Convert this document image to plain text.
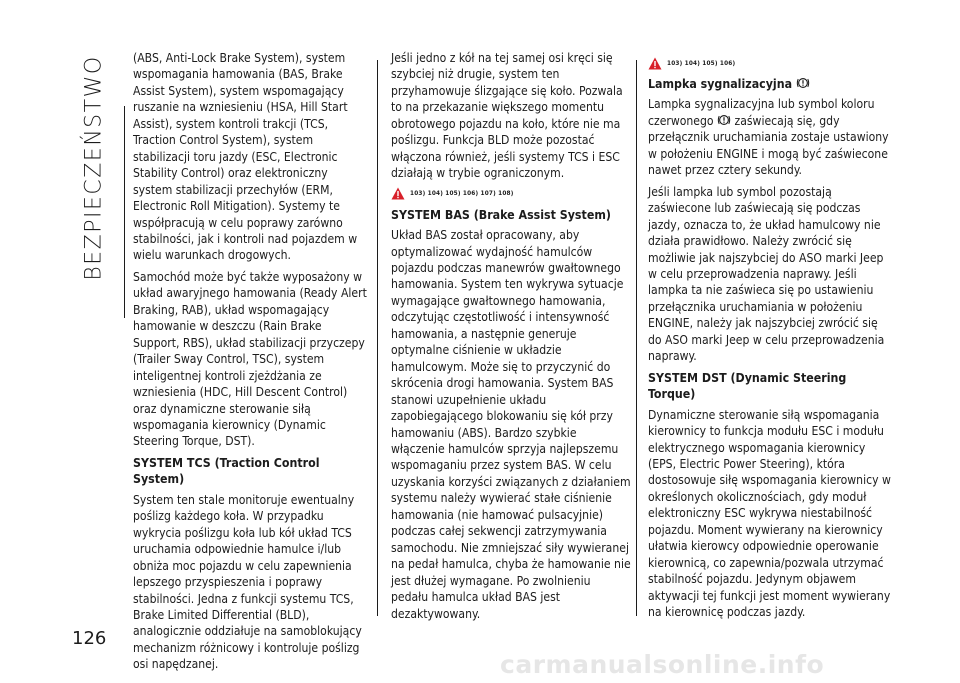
BEZPIECZEŃSTWO (ABS, Anti-Lock Brake System), system wspomagania hamowania (BAS, Brake Assist System), system wspomagający ruszanie na wzniesieniu (HSA, Hill Start Assist), system kontroli trakcji (TCS, Traction Control System), system stabilizacji toru jazdy (ESC, Electronic Stability Control) oraz elektroniczny system stabilizacji przechyłów (ERM, Electronic Roll Mitigation). Systemy te współpracują w celu poprawy zarówno stabilności, jak i kontroli nad pojazdem w wielu warunkach drogowych.

Samochód może być także wyposażony w układ awaryjnego hamowania (Ready Alert Braking, RAB), układ wspomagający hamowanie w deszczu (Rain Brake Support, RBS), układ stabilizacji przyczepy (Trailer Sway Control, TSC), system inteligentnej kontroli zjeżdżania ze wzniesienia (HDC, Hill Descent Control) oraz dynamiczne sterowanie siłą wspomagania kierownicy (Dynamic Steering Torque, DST).

SYSTEM TCS (Traction Control System)

System ten stale monitoruje ewentualny poślizg każdego koła. W przypadku wykrycia poślizgu koła lub kół układ TCS uruchamia odpowiednie hamulce i/lub obniża moc pojazdu w celu zapewnienia lepszego przyspieszenia i poprawy stabilności. Jedna z funkcji systemu TCS, Brake Limited Differential (BLD), analogicznie oddziałuje na samoblokujący mechanizm różnicowy i kontroluje poślizg osi napędzanej.

Jeśli jedno z kół na tej samej osi kręci się szybciej niż drugie, system ten przyhamowuje ślizgające się koło. Pozwala to na przekazanie większego momentu obrotowego pojazdu na koło, które nie ma poślizgu. Funkcja BLD może pozostać włączona również, jeśli systemy TCS i ESC działają w trybie ograniczonym.

103) 104) 105) 106) 107) 108)
SYSTEM BAS (Brake Assist System)

Układ BAS został opracowany, aby optymalizować wydajność hamulców pojazdu podczas manewrów gwałtownego hamowania. System ten wykrywa sytuacje wymagające gwałtownego hamowania, odczytując częstotliwość i intensywność hamowania, a następnie generuje optymalne ciśnienie w układzie hamulcowym. Może się to przyczynić do skrócenia drogi hamowania. System BAS stanowi uzupełnienie układu zapobiegającego blokowaniu się kół przy hamowaniu (ABS). Bardzo szybkie włączenie hamulców sprzyja najlepszemu wspomaganiu przez system BAS. W celu uzyskania korzyści związanych z działaniem systemu należy wywierać stałe ciśnienie hamowania (nie hamować pulsacyjnie) podczas całej sekwencji zatrzymywania samochodu. Nie zmniejszać siły wywieranej na pedał hamulca, chyba że hamowanie nie jest dłużej wymagane. Po zwolnieniu pedału hamulca układ BAS jest dezaktywowany.

103) 104) 105) 106)
Lampka sygnalizacyjna

Lampka sygnalizacyjna lub symbol koloru czerwonego zaświecają się, gdy przełącznik uruchamiania zostaje ustawiony w położeniu ENGINE i mogą być zaświecone nawet przez cztery sekundy.

Jeśli lampka lub symbol pozostają zaświecone lub zaświecają się podczas jazdy, oznacza to, że układ hamulcowy nie działa prawidłowo. Należy zwrócić się możliwie jak najszybciej do ASO marki Jeep w celu przeprowadzenia naprawy. Jeśli lampka ta nie zaświeca się po ustawieniu przełącznika uruchamiania w położeniu ENGINE, należy jak najszybciej zwrócić się do ASO marki Jeep w celu przeprowadzenia naprawy.

SYSTEM DST (Dynamic Steering Torque)

Dynamiczne sterowanie siłą wspomagania kierownicy to funkcja modułu ESC i modułu elektrycznego wspomagania kierownicy (EPS, Electric Power Steering), która dostosowuje siłę wspomagania kierownicy w określonych okolicznościach, gdy moduł elektroniczny ESC wykrywa niestabilność pojazdu. Moment wywierany na kierownicy ułatwia kierowcy odpowiednie operowanie kierownicą, co zapewnia/pozwala utrzymać stabilność pojazdu. Jedynym objawem aktywacji tej funkcji jest moment wywierany na kierownicę podczas jazdy.

126
carmanualsonline.info
